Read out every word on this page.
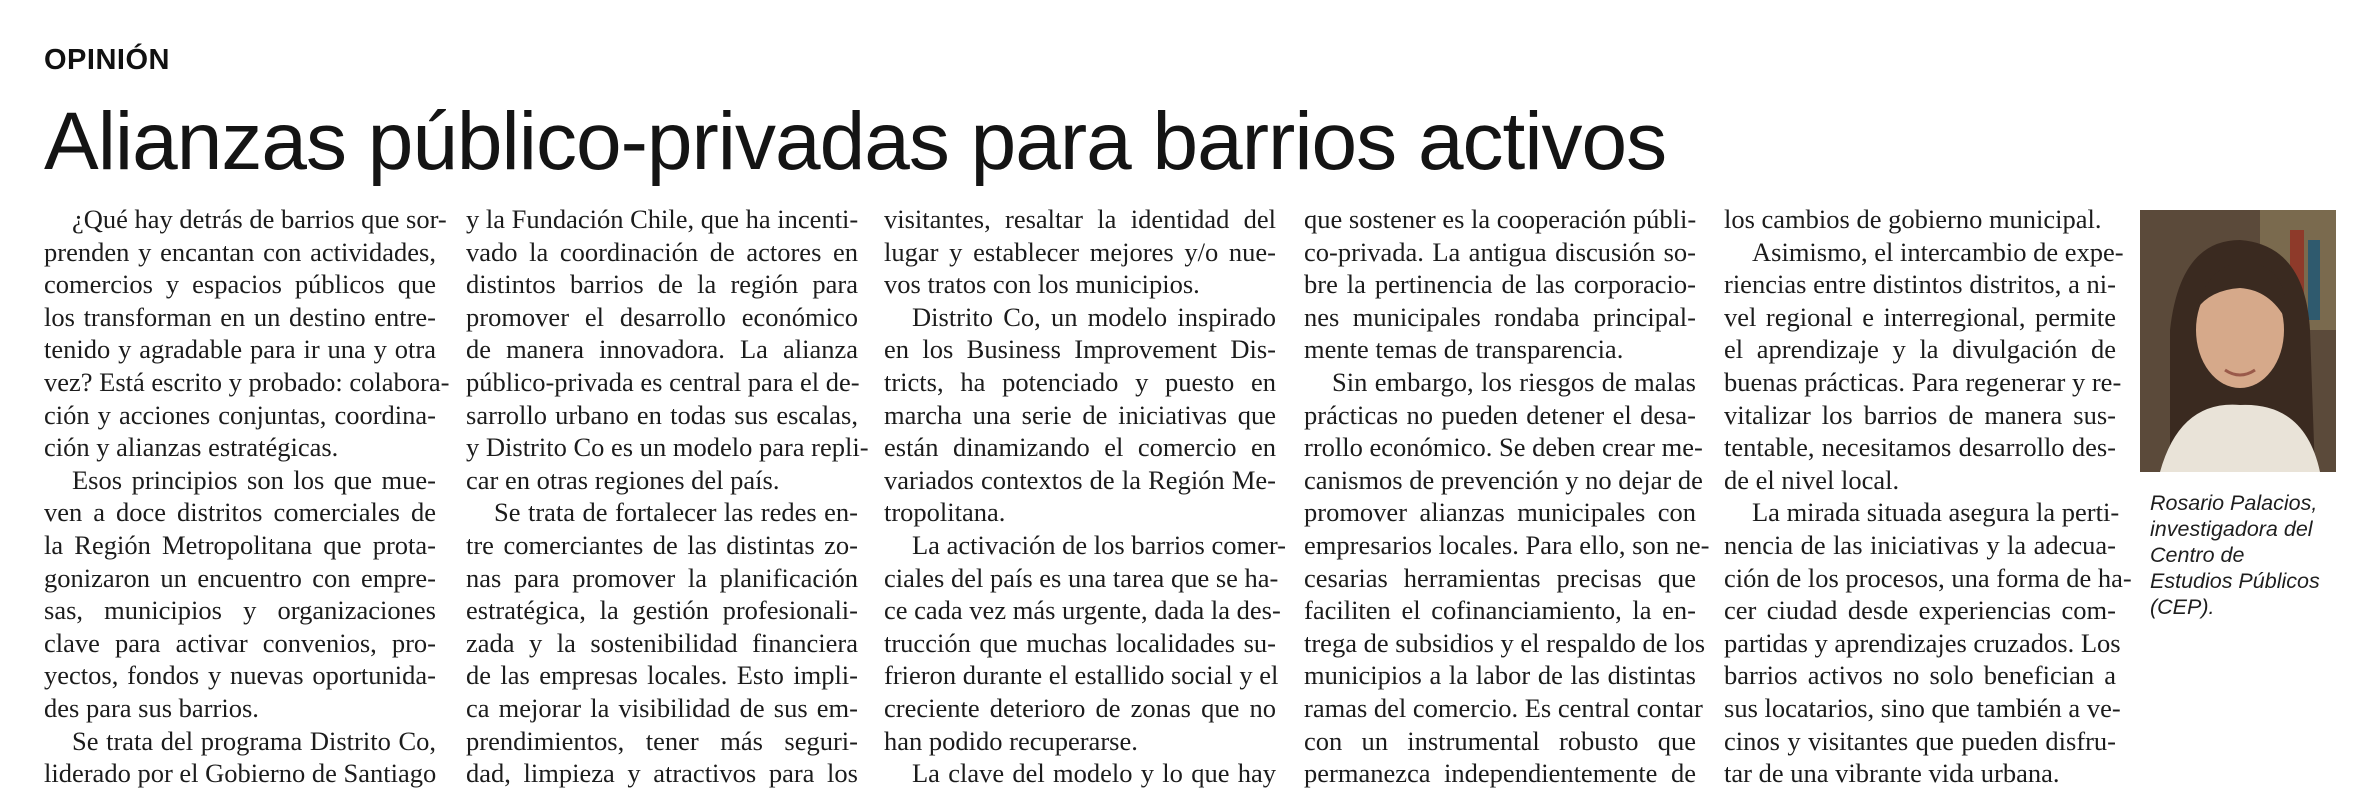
OPINIÓN
Alianzas público-privadas para barrios activos
¿Qué hay detrás de barrios que sor-
prenden y encantan con actividades,
comercios y espacios públicos que
los transforman en un destino entre-
tenido y agradable para ir una y otra
vez? Está escrito y probado: colabora-
ción y acciones conjuntas, coordina-
ción y alianzas estratégicas.
Esos principios son los que mue-
ven a doce distritos comerciales de
la Región Metropolitana que prota-
gonizaron un encuentro con empre-
sas, municipios y organizaciones
clave para activar convenios, pro-
yectos, fondos y nuevas oportunida-
des para sus barrios.
Se trata del programa Distrito Co,
liderado por el Gobierno de Santiago
y la Fundación Chile, que ha incenti-
vado la coordinación de actores en
distintos barrios de la región para
promover el desarrollo económico
de manera innovadora. La alianza
público-privada es central para el de-
sarrollo urbano en todas sus escalas,
y Distrito Co es un modelo para repli-
car en otras regiones del país.
Se trata de fortalecer las redes en-
tre comerciantes de las distintas zo-
nas para promover la planificación
estratégica, la gestión profesionali-
zada y la sostenibilidad financiera
de las empresas locales. Esto impli-
ca mejorar la visibilidad de sus em-
prendimientos, tener más seguri-
dad, limpieza y atractivos para los
visitantes, resaltar la identidad del
lugar y establecer mejores y/o nue-
vos tratos con los municipios.
Distrito Co, un modelo inspirado
en los Business Improvement Dis-
tricts, ha potenciado y puesto en
marcha una serie de iniciativas que
están dinamizando el comercio en
variados contextos de la Región Me-
tropolitana.
La activación de los barrios comer-
ciales del país es una tarea que se ha-
ce cada vez más urgente, dada la des-
trucción que muchas localidades su-
frieron durante el estallido social y el
creciente deterioro de zonas que no
han podido recuperarse.
La clave del modelo y lo que hay
que sostener es la cooperación públi-
co-privada. La antigua discusión so-
bre la pertinencia de las corporacio-
nes municipales rondaba principal-
mente temas de transparencia.
Sin embargo, los riesgos de malas
prácticas no pueden detener el desa-
rrollo económico. Se deben crear me-
canismos de prevención y no dejar de
promover alianzas municipales con
empresarios locales. Para ello, son ne-
cesarias herramientas precisas que
faciliten el cofinanciamiento, la en-
trega de subsidios y el respaldo de los
municipios a la labor de las distintas
ramas del comercio. Es central contar
con un instrumental robusto que
permanezca independientemente de
los cambios de gobierno municipal.
Asimismo, el intercambio de expe-
riencias entre distintos distritos, a ni-
vel regional e interregional, permite
el aprendizaje y la divulgación de
buenas prácticas. Para regenerar y re-
vitalizar los barrios de manera sus-
tentable, necesitamos desarrollo des-
de el nivel local.
La mirada situada asegura la perti-
nencia de las iniciativas y la adecua-
ción de los procesos, una forma de ha-
cer ciudad desde experiencias com-
partidas y aprendizajes cruzados. Los
barrios activos no solo benefician a
sus locatarios, sino que también a ve-
cinos y visitantes que pueden disfru-
tar de una vibrante vida urbana.
Rosario Palacios,
investigadora del
Centro de
Estudios Públicos
(CEP).
